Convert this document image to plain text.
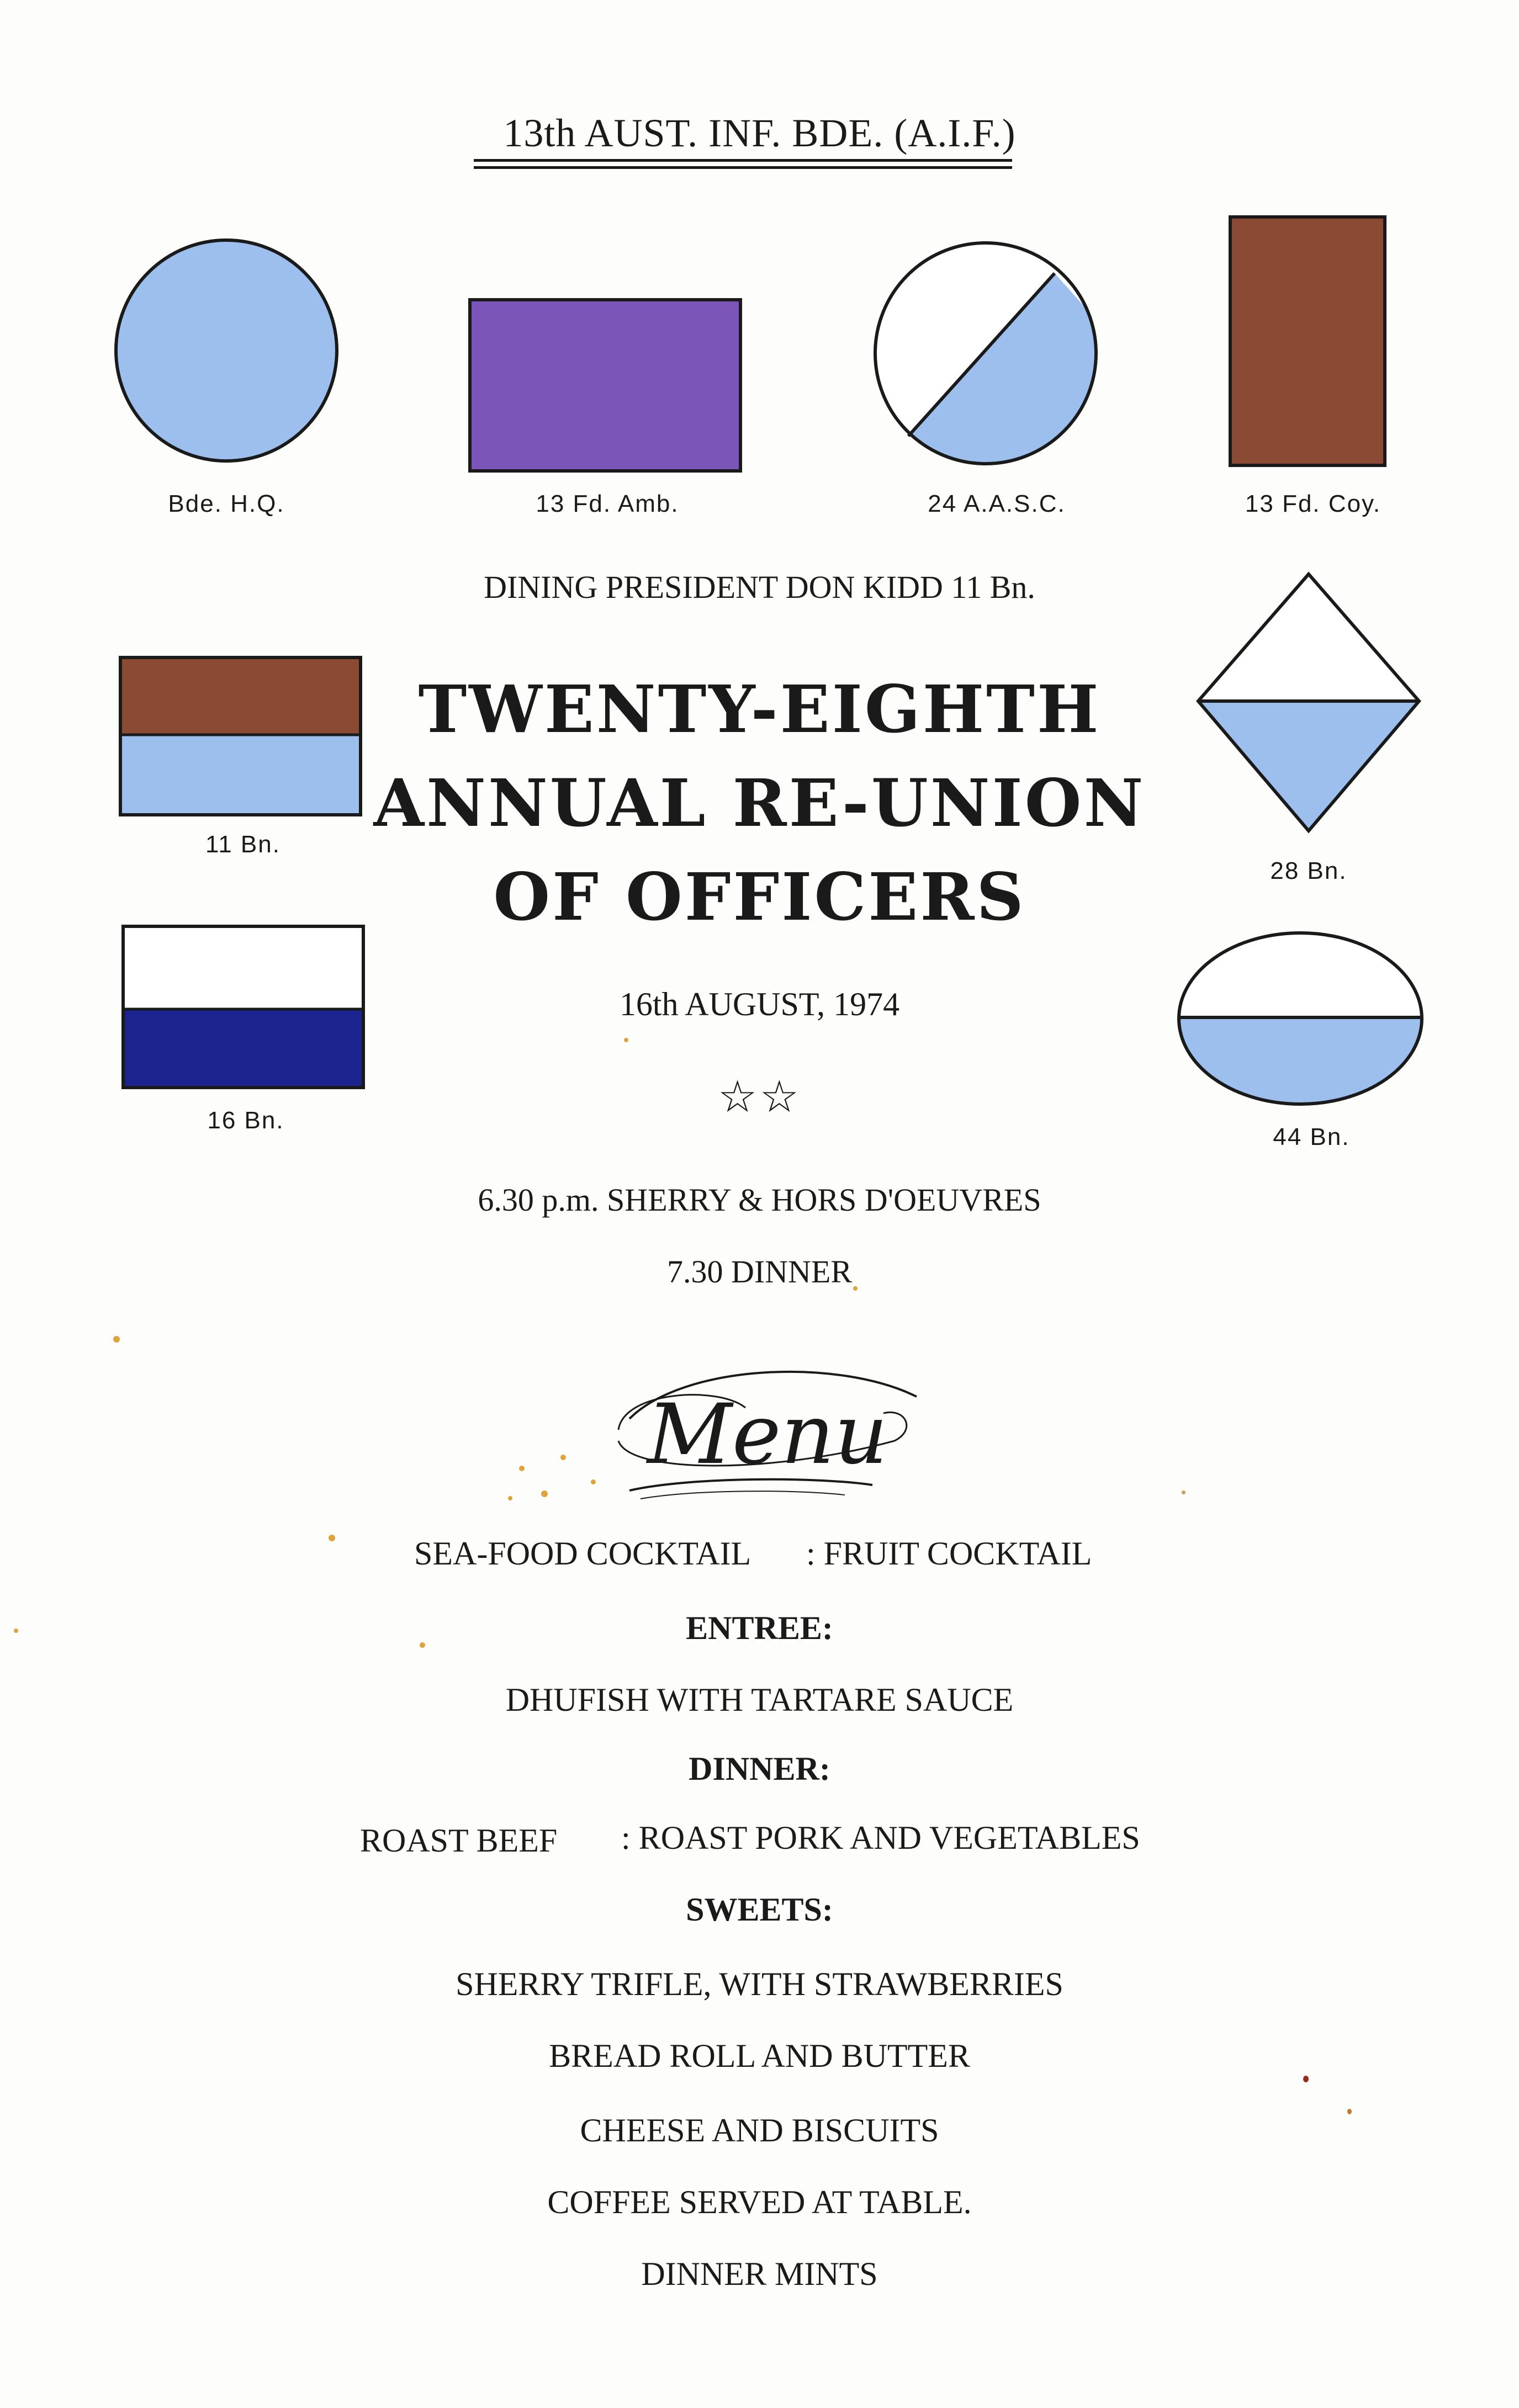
13th AUST. INF. BDE. (A.I.F.)
Bde. H.Q.	13 Fd. Amb.	24 A.A.S.C.	13 Fd. Coy.
DINING PRESIDENT DON KIDD 11 Bn.
11 Bn.
28 Bn.
TWENTY-EIGHTH
ANNUAL RE-UNION
OF OFFICERS
16 Bn.
44 Bn.
16th AUGUST, 1974
☆☆
6.30 p.m. SHERRY & HORS D'OEUVRES
7.30 DINNER
Menu
SEA-FOOD COCKTAIL : FRUIT COCKTAIL
ENTREE:
DHUFISH WITH TARTARE SAUCE
DINNER:
ROAST BEEF : ROAST PORK AND VEGETABLES
SWEETS:
SHERRY TRIFLE, WITH STRAWBERRIES
BREAD ROLL AND BUTTER
CHEESE AND BISCUITS
COFFEE SERVED AT TABLE.
DINNER MINTS
